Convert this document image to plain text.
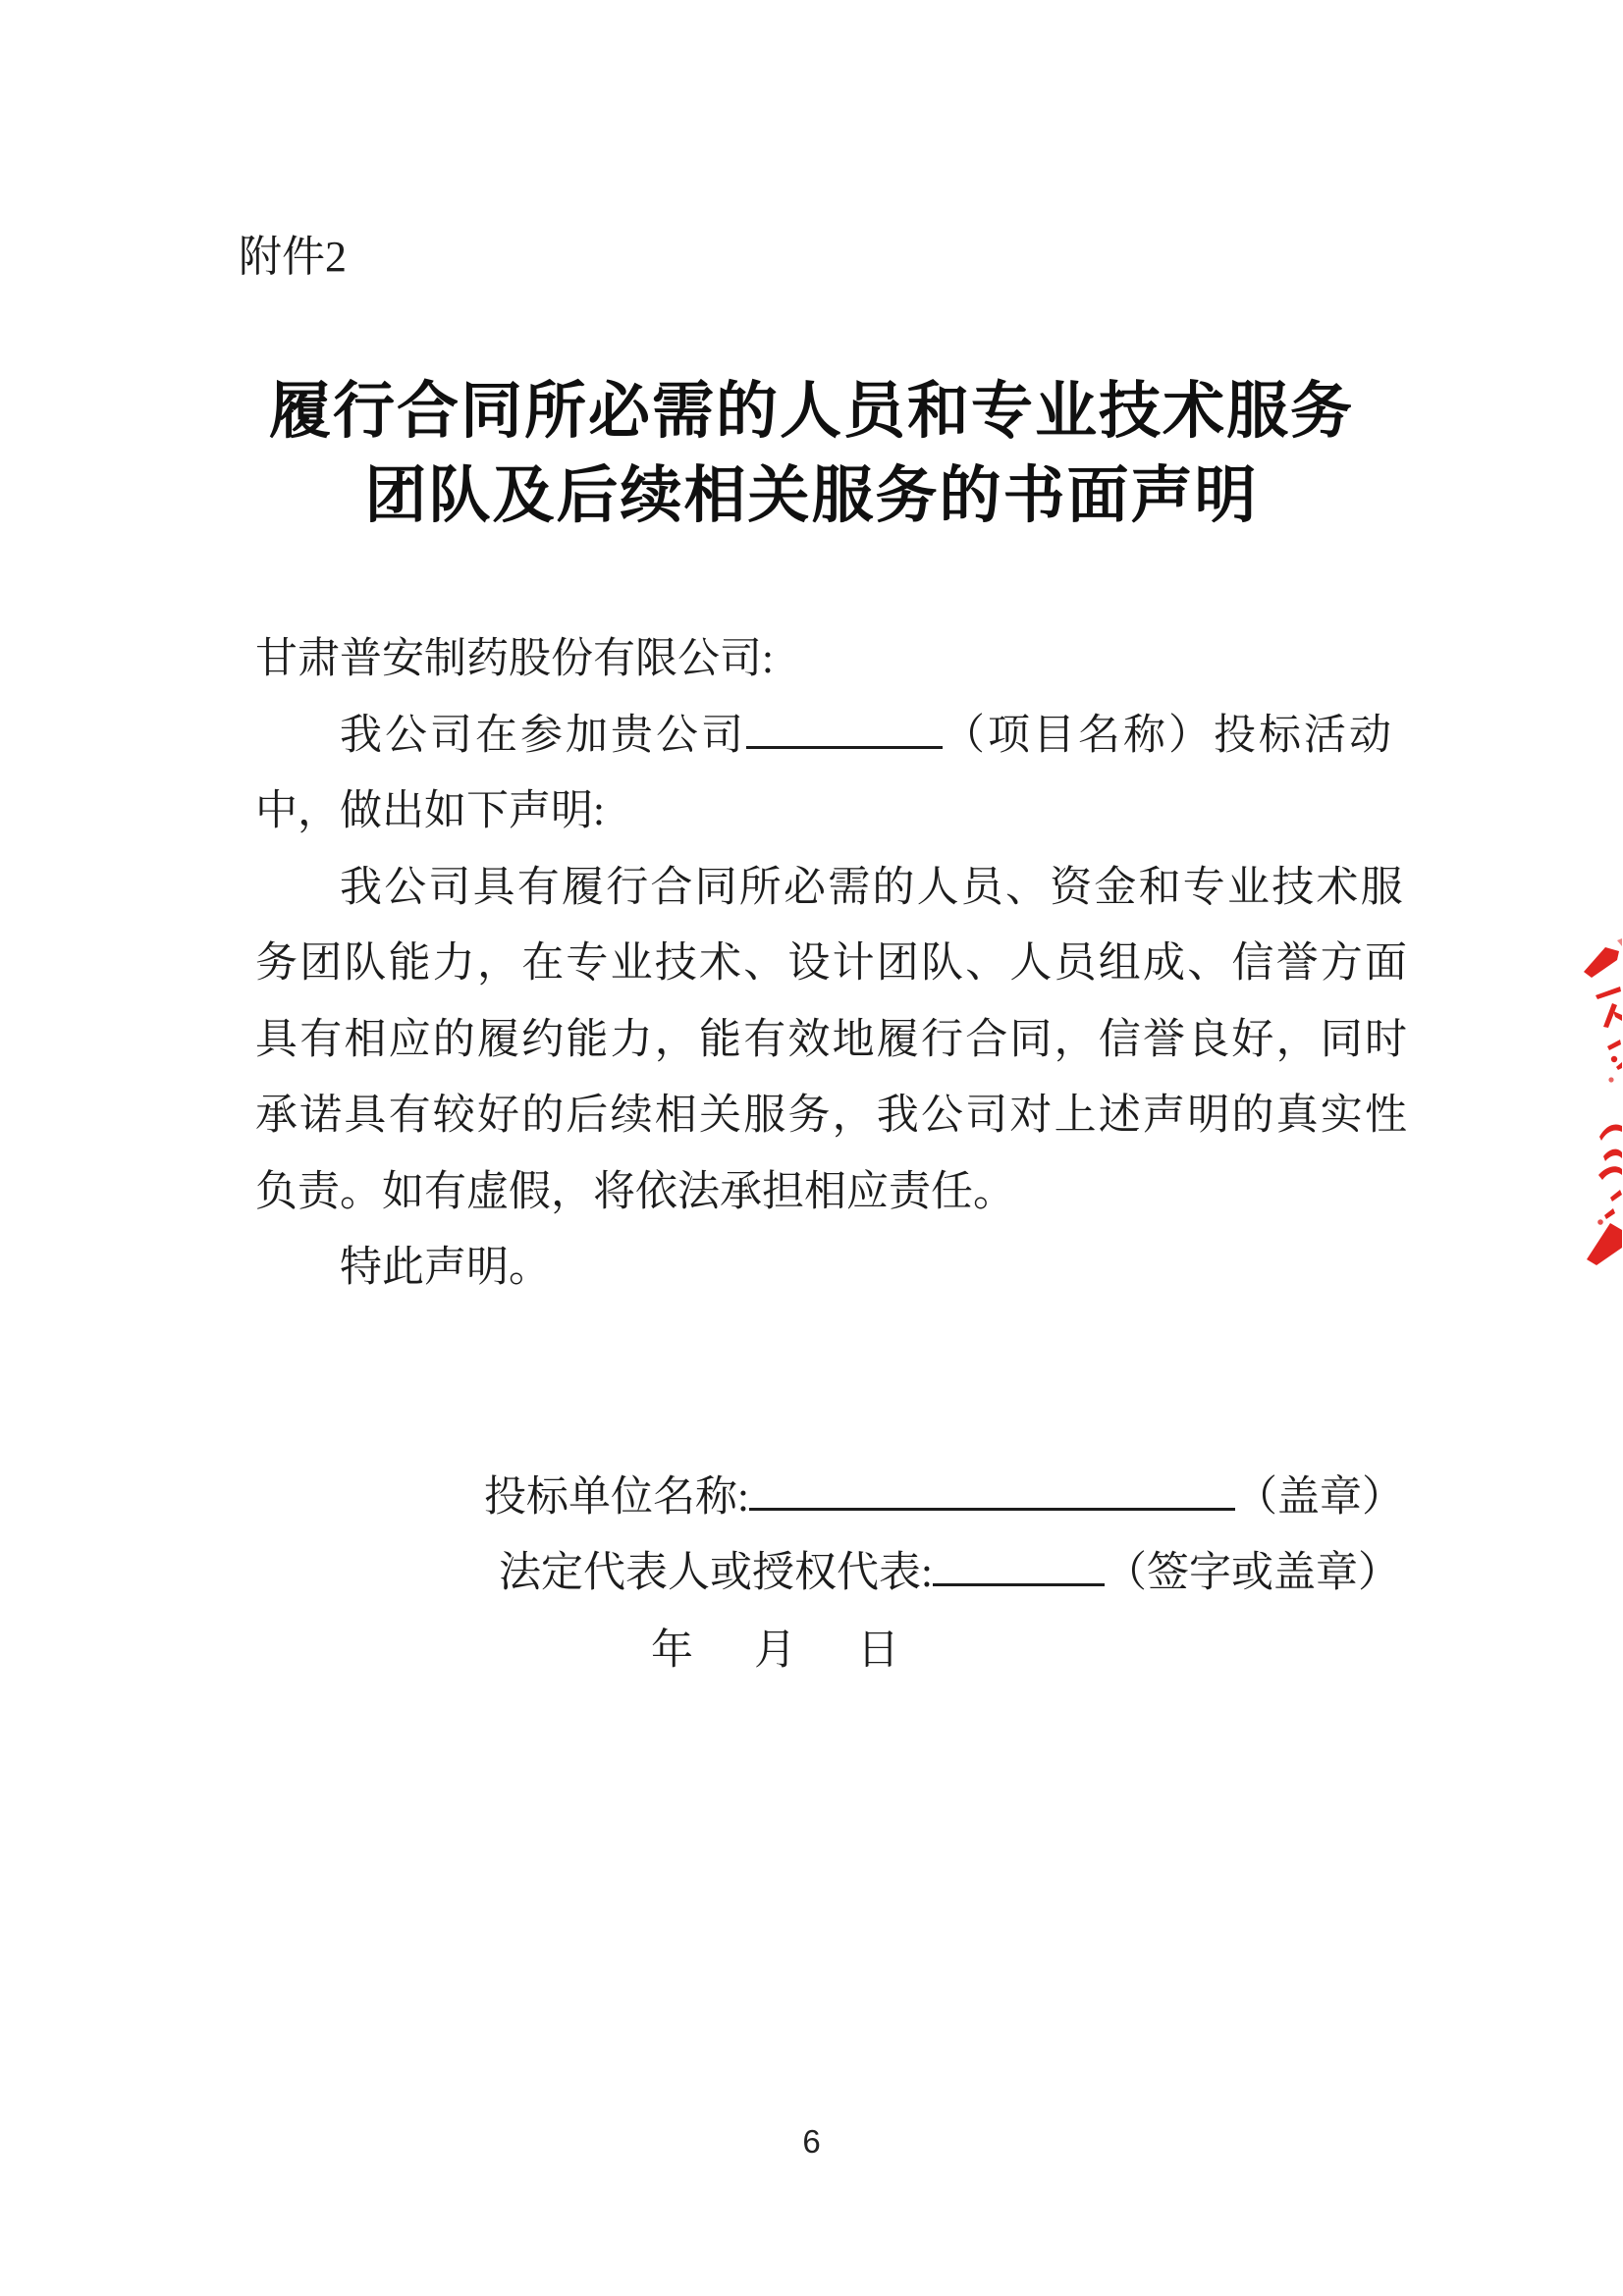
附件2
履行合同所必需的人员和专业技术服务
团队及后续相关服务的书面声明
甘肃普安制药股份有限公司:
我公司在参加贵公司	（项目名称）投标活动
中，做出如下声明:
我公司具有履行合同所必需的人员、资金和专业技术服
务团队能力，在专业技术、设计团队、人员组成、信誉方面
具有相应的履约能力，能有效地履行合同，信誉良好，同时
承诺具有较好的后续相关服务，我公司对上述声明的真实性
负责。如有虚假，将依法承担相应责任。
特此声明。
投标单位名称:	（盖章）
法定代表人或授权代表:	（签字或盖章）
年 月 日
6
